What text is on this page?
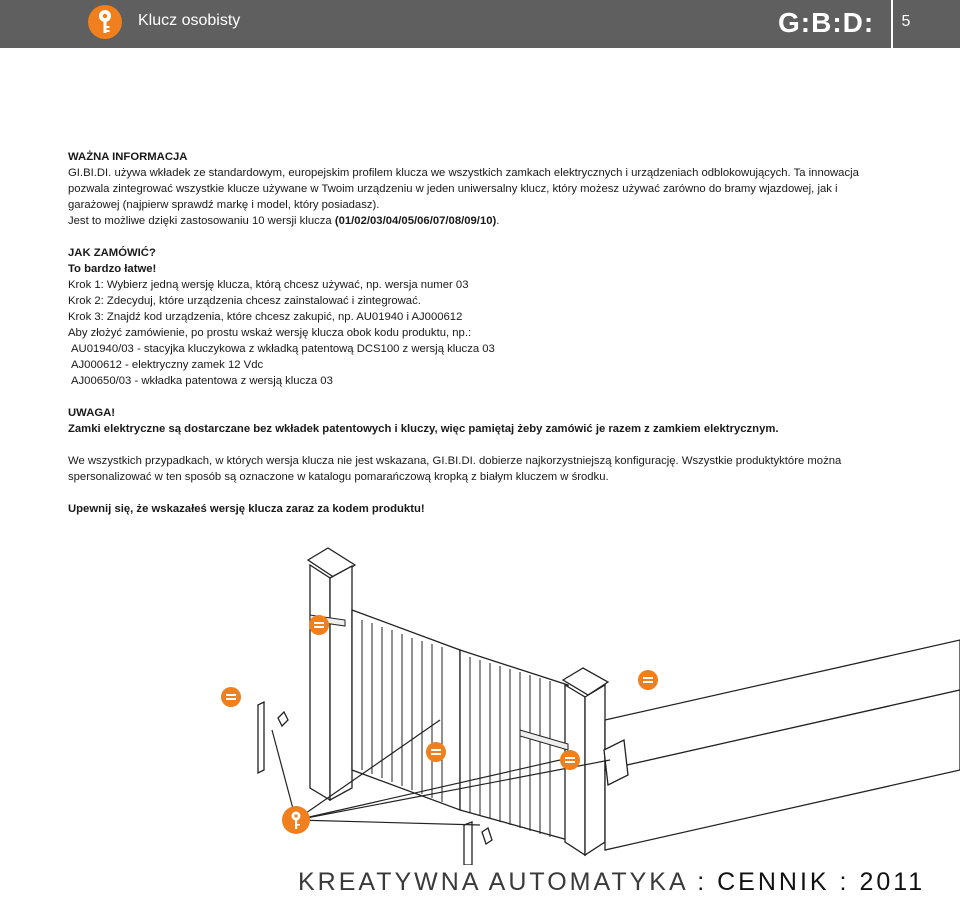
Klucz osobisty	G:B:D:	5

WAŻNA INFORMACJA

GI.BI.DI. używa wkładek ze standardowym, europejskim profilem klucza we wszystkich zamkach elektrycznych i urządzeniach odblokowujących. Ta innowacja pozwala zintegrować wszystkie klucze używane w Twoim urządzeniu w jeden uniwersalny klucz, który możesz używać zarówno do bramy wjazdowej, jak i garażowej (najpierw sprawdź markę i model, który posiadasz).

Jest to możliwe dzięki zastosowaniu 10 wersji klucza (01/02/03/04/05/06/07/08/09/10).

JAK ZAMÓWIĆ?

To bardzo łatwe!

Krok 1: Wybierz jedną wersję klucza, którą chcesz używać, np. wersja numer 03

Krok 2: Zdecyduj, które urządzenia chcesz zainstalować i zintegrować.

Krok 3: Znajdź kod urządzenia, które chcesz zakupić, np. AU01940 i AJ000612

Aby złożyć zamówienie, po prostu wskaż wersję klucza obok kodu produktu, np.:

AU01940/03 - stacyjka kluczykowa z wkładką patentową DCS100 z wersją klucza 03

AJ000612 - elektryczny zamek 12 Vdc

AJ00650/03 - wkładka patentowa z wersją klucza 03

UWAGA!

Zamki elektryczne są dostarczane bez wkładek patentowych i kluczy, więc pamiętaj żeby zamówić je razem z zamkiem elektrycznym.

We wszystkich przypadkach, w których wersja klucza nie jest wskazana, GI.BI.DI. dobierze najkorzystniejszą konfigurację. Wszystkie produktyktóre można spersonalizować w ten sposób są oznaczone w katalogu pomarańczową kropką z białym kluczem w środku.

Upewnij się, że wskazałeś wersję klucza zaraz za kodem produktu!

KREATYWNA AUTOMATYKA : CENNIK : 2011
